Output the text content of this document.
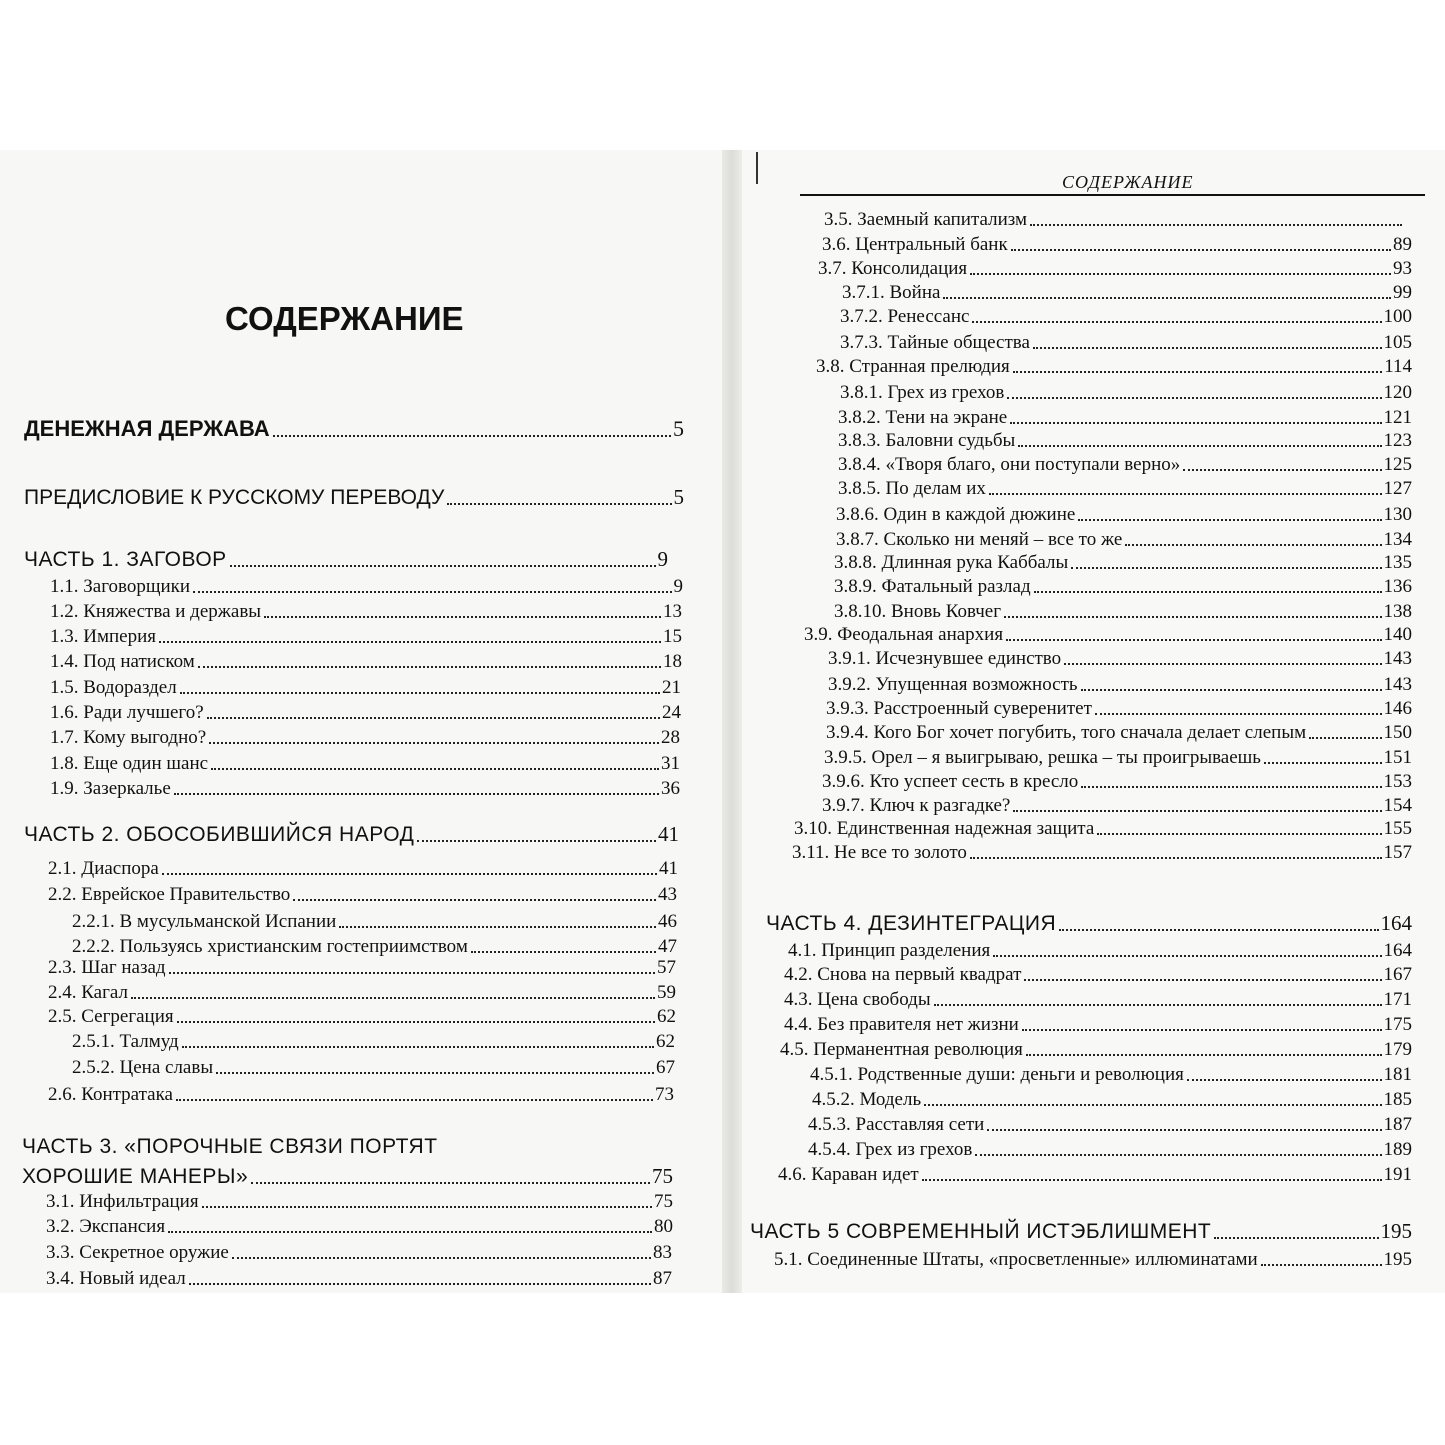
СОДЕРЖАНИЕ
ДЕНЕЖНАЯ ДЕРЖАВА	5
ПРЕДИСЛОВИЕ К РУССКОМУ ПЕРЕВОДУ	5
ЧАСТЬ 1. ЗАГОВОР	9
1.1. Заговорщики	9
1.2. Княжества и державы	13
1.3. Империя	15
1.4. Под натиском	18
1.5. Водораздел	21
1.6. Ради лучшего?	24
1.7. Кому выгодно?	28
1.8. Еще один шанс	31
1.9. Зазеркалье	36
ЧАСТЬ 2. ОБОСОБИВШИЙСЯ НАРОД	41
2.1. Диаспора	41
2.2. Еврейское Правительство	43
2.2.1. В мусульманской Испании	46
2.2.2. Пользуясь христианским гостеприимством	47
2.3. Шаг назад	57
2.4. Кагал	59
2.5. Сегрегация	62
2.5.1. Талмуд	62
2.5.2. Цена славы	67
2.6. Контратака	73
ЧАСТЬ 3. «ПОРОЧНЫЕ СВЯЗИ ПОРТЯТ
ХОРОШИЕ МАНЕРЫ»	75
3.1. Инфильтрация	75
3.2. Экспансия	80
3.3. Секретное оружие	83
3.4. Новый идеал	87
СОДЕРЖАНИЕ
3.5. Заемный капитализм
3.6. Центральный банк	89
3.7. Консолидация	93
3.7.1. Война	99
3.7.2. Ренессанс	100
3.7.3. Тайные общества	105
3.8. Странная прелюдия	114
3.8.1. Грех из грехов	120
3.8.2. Тени на экране	121
3.8.3. Баловни судьбы	123
3.8.4. «Творя благо, они поступали верно»	125
3.8.5. По делам их	127
3.8.6. Один в каждой дюжине	130
3.8.7. Сколько ни меняй – все то же	134
3.8.8. Длинная рука Каббалы	135
3.8.9. Фатальный разлад	136
3.8.10. Вновь Ковчег	138
3.9. Феодальная анархия	140
3.9.1. Исчезнувшее единство	143
3.9.2. Упущенная возможность	143
3.9.3. Расстроенный суверенитет	146
3.9.4. Кого Бог хочет погубить, того сначала делает слепым	150
3.9.5. Орел – я выигрываю, решка – ты проигрываешь	151
3.9.6. Кто успеет сесть в кресло	153
3.9.7. Ключ к разгадке?	154
3.10. Единственная надежная защита	155
3.11. Не все то золото	157
ЧАСТЬ 4. ДЕЗИНТЕГРАЦИЯ	164
4.1. Принцип разделения	164
4.2. Снова на первый квадрат	167
4.3. Цена свободы	171
4.4. Без правителя нет жизни	175
4.5. Перманентная революция	179
4.5.1. Родственные души: деньги и революция	181
4.5.2. Модель	185
4.5.3. Расставляя сети	187
4.5.4. Грех из грехов	189
4.6. Караван идет	191
ЧАСТЬ 5 СОВРЕМЕННЫЙ ИСТЭБЛИШМЕНТ	195
5.1. Соединенные Штаты, «просветленные» иллюминатами	195
